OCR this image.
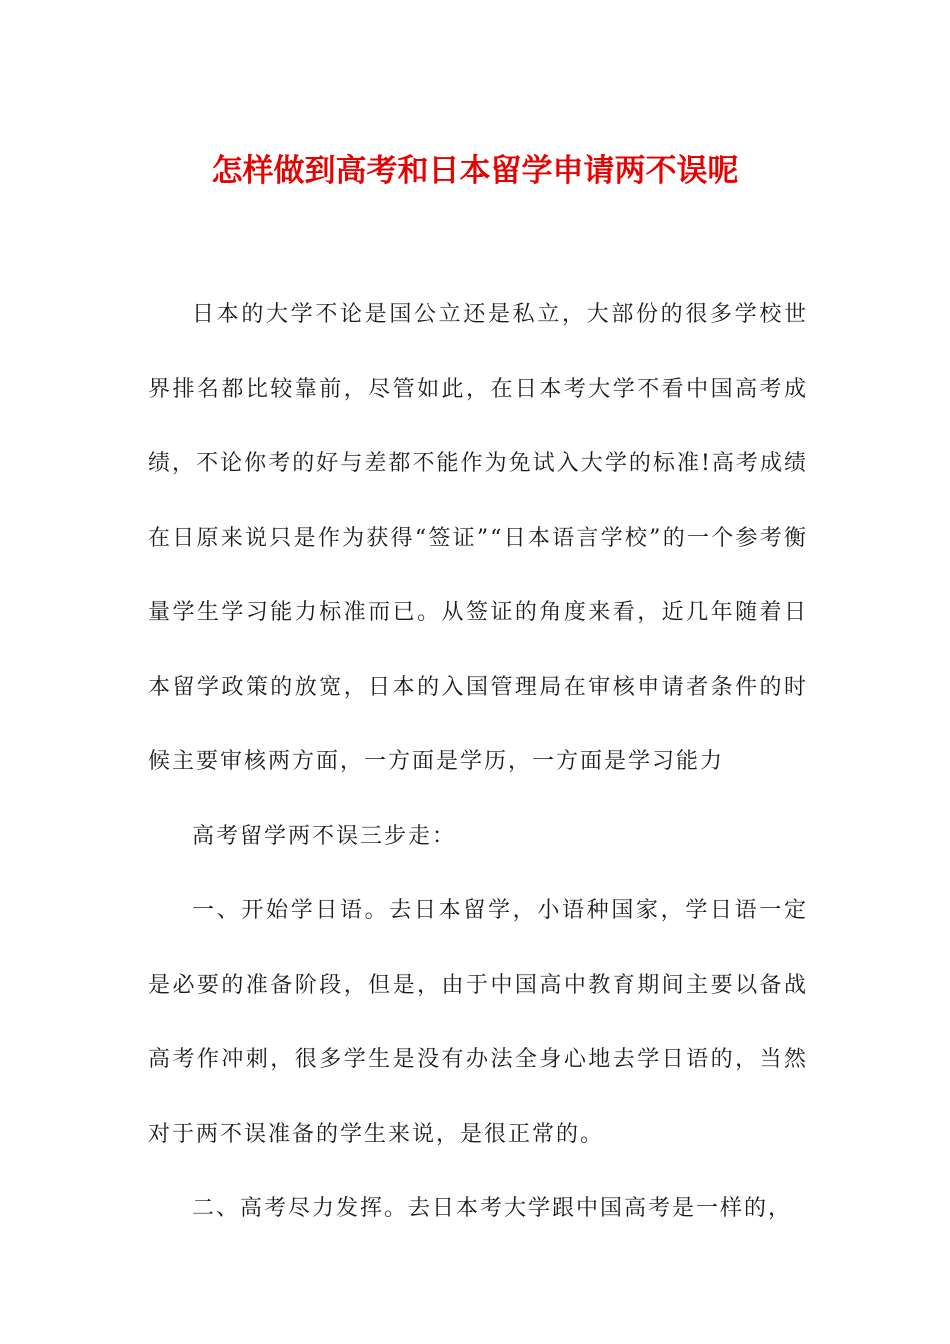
怎样做到高考和日本留学申请两不误呢

日本的大学不论是国公立还是私立，大部份的很多学校世界排名都比较靠前，尽管如此，在日本考大学不看中国高考成绩，不论你考的好与差都不能作为免试入大学的标准!高考成绩在日原来说只是作为获得“签证”“日本语言学校”的一个参考衡量学生学习能力标准而已。从签证的角度来看，近几年随着日本留学政策的放宽，日本的入国管理局在审核申请者条件的时候主要审核两方面，一方面是学历，一方面是学习能力

高考留学两不误三步走：

一、开始学日语。去日本留学，小语种国家，学日语一定是必要的准备阶段，但是，由于中国高中教育期间主要以备战高考作冲刺，很多学生是没有办法全身心地去学日语的，当然对于两不误准备的学生来说，是很正常的。

二、高考尽力发挥。去日本考大学跟中国高考是一样的，
